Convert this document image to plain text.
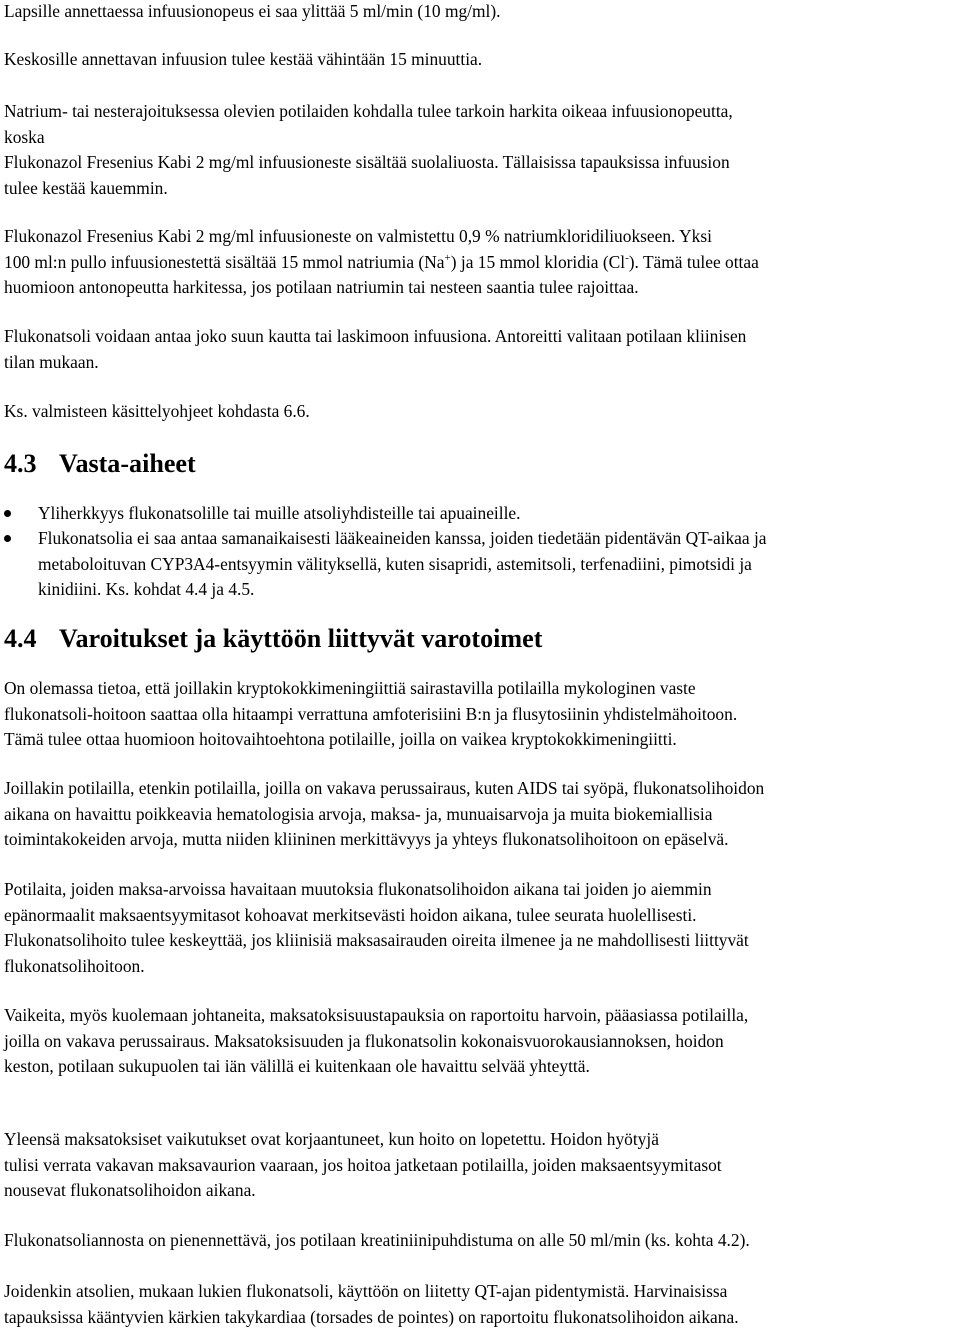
Lapsille annettaessa infuusionopeus ei saa ylittää 5 ml/min (10 mg/ml).

Keskosille annettavan infuusion tulee kestää vähintään 15 minuuttia.

Natrium- tai nesterajoituksessa olevien potilaiden kohdalla tulee tarkoin harkita oikeaa infuusionopeutta,
koska
Flukonazol Fresenius Kabi 2 mg/ml infuusioneste sisältää suolaliuosta. Tällaisissa tapauksissa infuusion
tulee kestää kauemmin.

Flukonazol Fresenius Kabi 2 mg/ml infuusioneste on valmistettu 0,9 % natriumkloridiliuokseen. Yksi
100 ml:n pullo infuusionestettä sisältää 15 mmol natriumia (Na+) ja 15 mmol kloridia (Cl-). Tämä tulee ottaa
huomioon antonopeutta harkitessa, jos potilaan natriumin tai nesteen saantia tulee rajoittaa.

Flukonatsoli voidaan antaa joko suun kautta tai laskimoon infuusiona. Antoreitti valitaan potilaan kliinisen
tilan mukaan.

Ks. valmisteen käsittelyohjeet kohdasta 6.6.

4.3 Vasta-aiheet
Yliherkkyys flukonatsolille tai muille atsoliyhdisteille tai apuaineille.
Flukonatsolia ei saa antaa samanaikaisesti lääkeaineiden kanssa, joiden tiedetään pidentävän QT-aikaa ja
metaboloituvan CYP3A4-entsyymin välityksellä, kuten sisapridi, astemitsoli, terfenadiini, pimotsidi ja
kinidiini. Ks. kohdat 4.4 ja 4.5.
4.4 Varoitukset ja käyttöön liittyvät varotoimet

On olemassa tietoa, että joillakin kryptokokkimeningiittiä sairastavilla potilailla mykologinen vaste
flukonatsoli-hoitoon saattaa olla hitaampi verrattuna amfoterisiini B:n ja flusytosiinin yhdistelmähoitoon.
Tämä tulee ottaa huomioon hoitovaihtoehtona potilaille, joilla on vaikea kryptokokkimeningiitti.

Joillakin potilailla, etenkin potilailla, joilla on vakava perussairaus, kuten AIDS tai syöpä, flukonatsolihoidon
aikana on havaittu poikkeavia hematologisia arvoja, maksa- ja, munuaisarvoja ja muita biokemiallisia
toimintakokeiden arvoja, mutta niiden kliininen merkittävyys ja yhteys flukonatsolihoitoon on epäselvä.

Potilaita, joiden maksa-arvoissa havaitaan muutoksia flukonatsolihoidon aikana tai joiden jo aiemmin
epänormaalit maksaentsyymitasot kohoavat merkitsevästi hoidon aikana, tulee seurata huolellisesti.
Flukonatsolihoito tulee keskeyttää, jos kliinisiä maksasairauden oireita ilmenee ja ne mahdollisesti liittyvät
flukonatsolihoitoon.

Vaikeita, myös kuolemaan johtaneita, maksatoksisuustapauksia on raportoitu harvoin, pääasiassa potilailla,
joilla on vakava perussairaus. Maksatoksisuuden ja flukonatsolin kokonaisvuorokausiannoksen, hoidon
keston, potilaan sukupuolen tai iän välillä ei kuitenkaan ole havaittu selvää yhteyttä.

Yleensä maksatoksiset vaikutukset ovat korjaantuneet, kun hoito on lopetettu. Hoidon hyötyjä
tulisi verrata vakavan maksavaurion vaaraan, jos hoitoa jatketaan potilailla, joiden maksaentsyymitasot
nousevat flukonatsolihoidon aikana.

Flukonatsoliannosta on pienennettävä, jos potilaan kreatiniinipuhdistuma on alle 50 ml/min (ks. kohta 4.2).

Joidenkin atsolien, mukaan lukien flukonatsoli, käyttöön on liitetty QT-ajan pidentymistä. Harvinaisissa
tapauksissa kääntyvien kärkien takykardiaa (torsades de pointes) on raportoitu flukonatsolihoidon aikana.
